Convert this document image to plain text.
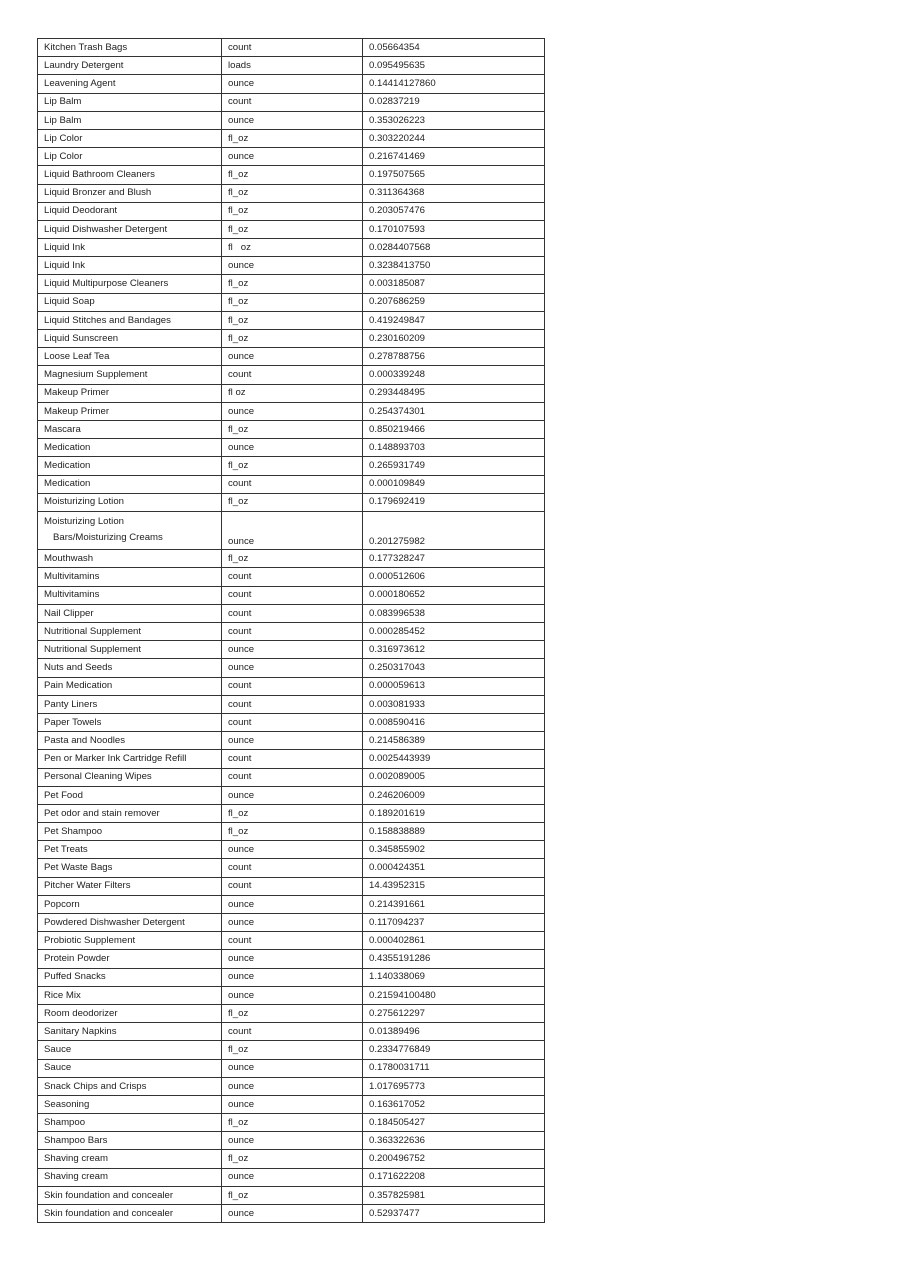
Kitchen Trash Bags	count	0.05664354
Laundry Detergent	loads	0.095495635
Leavening Agent	ounce	0.14414127860
Lip Balm	count	0.02837219
Lip Balm	ounce	0.353026223
Lip Color	fl_oz	0.303220244
Lip Color	ounce	0.216741469
Liquid Bathroom Cleaners	fl_oz	0.197507565
Liquid Bronzer and Blush	fl_oz	0.311364368
Liquid Deodorant	fl_oz	0.203057476
Liquid Dishwasher Detergent	fl_oz	0.170107593
Liquid Ink	fl   oz	0.0284407568
Liquid Ink	ounce	0.3238413750
Liquid Multipurpose Cleaners	fl_oz	0.003185087
Liquid Soap	fl_oz	0.207686259
Liquid Stitches and Bandages	fl_oz	0.419249847
Liquid Sunscreen	fl_oz	0.230160209
Loose Leaf Tea	ounce	0.278788756
Magnesium Supplement	count	0.000339248
Makeup Primer	fl oz	0.293448495
Makeup Primer	ounce	0.254374301
Mascara	fl_oz	0.850219466
Medication	ounce	0.148893703
Medication	fl_oz	0.265931749
Medication	count	0.000109849
Moisturizing Lotion	fl_oz	0.179692419

Moisturizing Lotion
Bars/Moisturizing Creams	ounce	0.201275982
Mouthwash	fl_oz	0.177328247
Multivitamins	count	0.000512606
Multivitamins	count	0.000180652
Nail Clipper	count	0.083996538
Nutritional Supplement	count	0.000285452
Nutritional Supplement	ounce	0.316973612
Nuts and Seeds	ounce	0.250317043
Pain Medication	count	0.000059613
Panty Liners	count	0.003081933
Paper Towels	count	0.008590416
Pasta and Noodles	ounce	0.214586389
Pen or Marker Ink Cartridge Refill	count	0.0025443939
Personal Cleaning Wipes	count	0.002089005
Pet Food	ounce	0.246206009
Pet odor and stain remover	fl_oz	0.189201619
Pet Shampoo	fl_oz	0.158838889
Pet Treats	ounce	0.345855902
Pet Waste Bags	count	0.000424351
Pitcher Water Filters	count	14.43952315
Popcorn	ounce	0.214391661
Powdered Dishwasher Detergent	ounce	0.117094237
Probiotic Supplement	count	0.000402861
Protein Powder	ounce	0.4355191286
Puffed Snacks	ounce	1.140338069
Rice Mix	ounce	0.21594100480
Room deodorizer	fl_oz	0.275612297
Sanitary Napkins	count	0.01389496
Sauce	fl_oz	0.2334776849
Sauce	ounce	0.1780031711
Snack Chips and Crisps	ounce	1.017695773
Seasoning	ounce	0.163617052
Shampoo	fl_oz	0.184505427
Shampoo Bars	ounce	0.363322636
Shaving cream	fl_oz	0.200496752
Shaving cream	ounce	0.171622208
Skin foundation and concealer	fl_oz	0.357825981
Skin foundation and concealer	ounce	0.52937477
